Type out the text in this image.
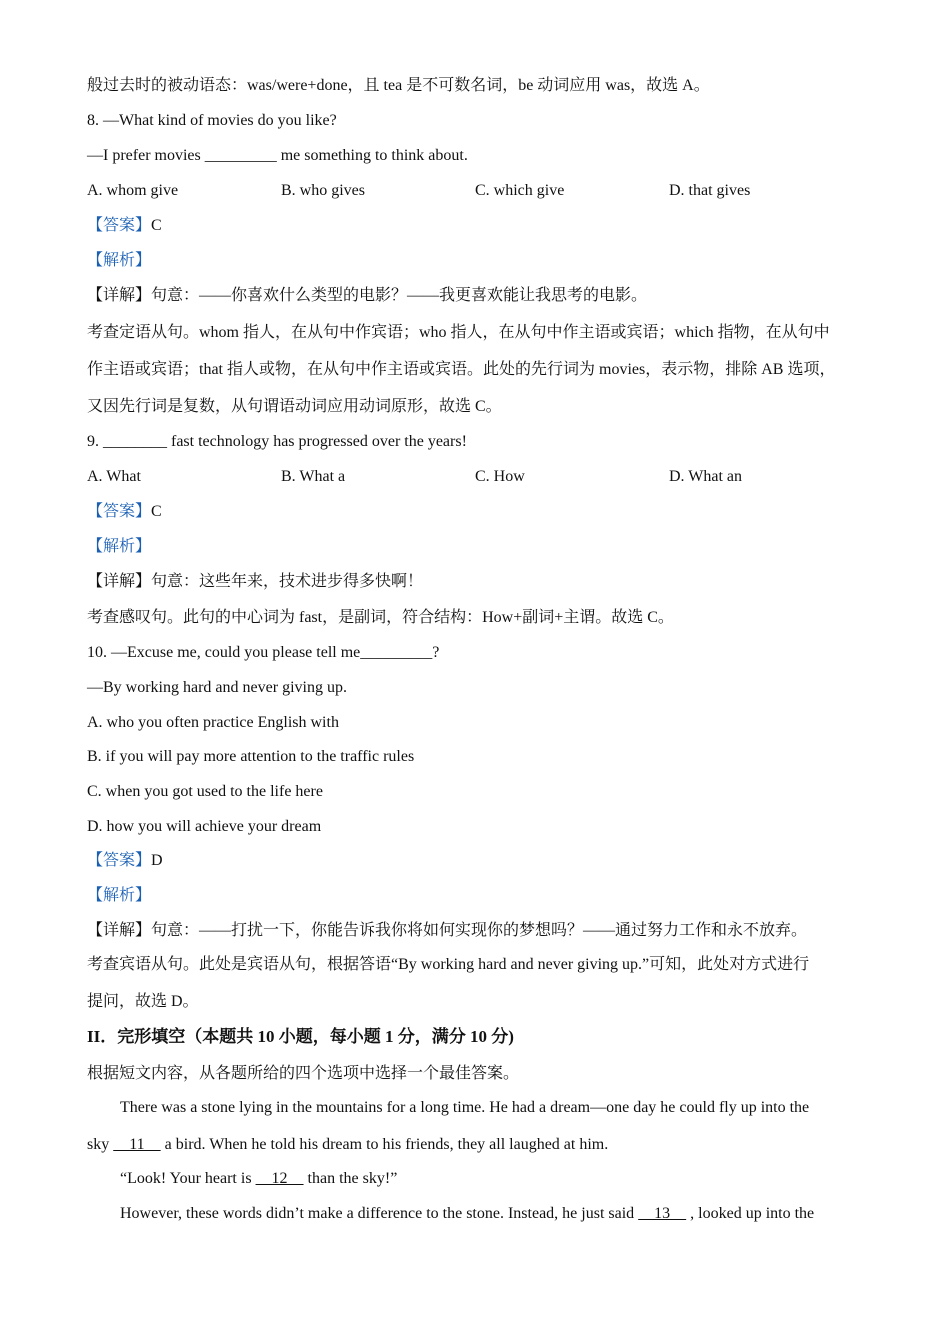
般过去时的被动语态：was/were+done，且 tea 是不可数名词，be 动词应用 was，故选 A。
8. —What kind of movies do you like?
—I prefer movies _________ me something to think about.
A. whom give	B. who gives	C. which give	D. that gives
【答案】C
【解析】
【详解】句意：——你喜欢什么类型的电影？——我更喜欢能让我思考的电影。
考查定语从句。whom 指人，在从句中作宾语；who 指人，在从句中作主语或宾语；which 指物，在从句中
作主语或宾语；that 指人或物，在从句中作主语或宾语。此处的先行词为 movies，表示物，排除 AB 选项，
又因先行词是复数，从句谓语动词应用动词原形，故选 C。
9. ________ fast technology has progressed over the years!
A. What	B. What a	C. How	D. What an
【答案】C
【解析】
【详解】句意：这些年来，技术进步得多快啊！
考查感叹句。此句的中心词为 fast，是副词，符合结构：How+副词+主谓。故选 C。
10. —Excuse me, could you please tell me_________?
—By working hard and never giving up.
A. who you often practice English with
B. if you will pay more attention to the traffic rules
C. when you got used to the life here
D. how you will achieve your dream
【答案】D
【解析】
【详解】句意：——打扰一下，你能告诉我你将如何实现你的梦想吗？——通过努力工作和永不放弃。
考查宾语从句。此处是宾语从句，根据答语“By working hard and never giving up.”可知，此处对方式进行
提问，故选 D。
II．完形填空（本题共 10 小题，每小题 1 分，满分 10 分)
根据短文内容，从各题所给的四个选项中选择一个最佳答案。
There was a stone lying in the mountains for a long time. He had a dream—one day he could fly up into the
sky     11     a bird. When he told his dream to his friends, they all laughed at him.
“Look! Your heart is     12     than the sky!”
However, these words didn’t make a difference to the stone. Instead, he just said     13     , looked up into the
